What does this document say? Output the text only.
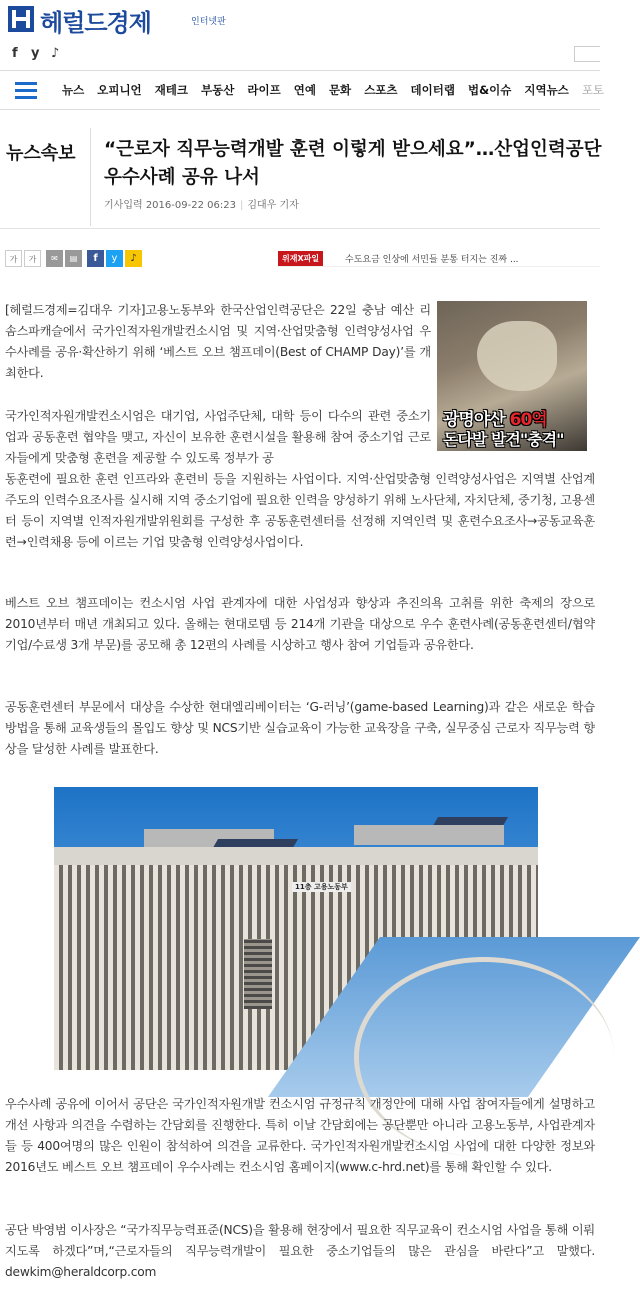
헤럴드경제	인터넷판
f y ♪
뉴스 오피니언 재테크 부동산 라이프 연예 문화 스포츠 데이터랩 법&이슈 지역뉴스 포토
뉴스속보 “근로자 직무능력개발 훈련 이렇게 받으세요”…산업인력공단
우수사례 공유 나서
기사입력 2016-09-22 06:23 | 김대우 기자
가	가	✉	▤	f	y	♪	위재X파일	수도요금 인상에 서민들 분통 터지는 진짜 ...
광명야산 60억
돈다발 발견"충격"

[헤럴드경제=김대우 기자]고용노동부와 한국산업인력공단은 22일 충남 예산 리솜스파캐슬에서 국가인적자원개발컨소시엄 및 지역·산업맞춤형 인력양성사업 우수사례를 공유·확산하기 위해 ‘베스트 오브 챔프데이(Best of CHAMP Day)’를 개최한다.

국가인적자원개발컨소시엄은 대기업, 사업주단체, 대학 등이 다수의 관련 중소기업과 공동훈련 협약을 맺고, 자신이 보유한 훈련시설을 활용해 참여 중소기업 근로자들에게 맞춤형 훈련을 제공할 수 있도록 정부가 공

동훈련에 필요한 훈련 인프라와 훈련비 등을 지원하는 사업이다. 지역·산업맞춤형 인력양성사업은 지역별 산업계 주도의 인력수요조사를 실시해 지역 중소기업에 필요한 인력을 양성하기 위해 노사단체, 자치단체, 중기청, 고용센터 등이 지역별 인적자원개발위원회를 구성한 후 공동훈련센터를 선정해 지역인력 및 훈련수요조사→공동교육훈련→인력채용 등에 이르는 기업 맞춤형 인력양성사업이다.

베스트 오브 챔프데이는 컨소시엄 사업 관계자에 대한 사업성과 향상과 추진의욕 고취를 위한 축제의 장으로 2010년부터 매년 개최되고 있다. 올해는 현대로템 등 214개 기관을 대상으로 우수 훈련사례(공동훈련센터/협약기업/수료생 3개 부문)를 공모해 총 12편의 사례를 시상하고 행사 참여 기업들과 공유한다.

공동훈련센터 부문에서 대상을 수상한 현대엘리베이터는 ‘G-러닝’(game-based Learning)과 같은 새로운 학습 방법을 통해 교육생들의 몰입도 향상 및 NCS기반 실습교육이 가능한 교육장을 구축, 실무중심 근로자 직무능력 향상을 달성한 사례를 발표한다.

11층 고용노동부

우수사례 공유에 이어서 공단은 국가인적자원개발 컨소시엄 규정규칙 개정안에 대해 사업 참여자들에게 설명하고 개선 사항과 의견을 수렴하는 간담회를 진행한다. 특히 이날 간담회에는 공단뿐만 아니라 고용노동부, 사업관계자들 등 400여명의 많은 인원이 참석하여 의견을 교류한다. 국가인적자원개발컨소시엄 사업에 대한 다양한 정보와 2016년도 베스트 오브 챔프데이 우수사례는 컨소시엄 홈페이지(www.c-hrd.net)를 통해 확인할 수 있다.

공단 박영범 이사장은 “국가직무능력표준(NCS)을 활용해 현장에서 필요한 직무교육이 컨소시엄 사업을 통해 이뤄지도록 하겠다”며,“근로자들의 직무능력개발이 필요한 중소기업들의 많은 관심을 바란다”고 말했다. dewkim@heraldcorp.com
